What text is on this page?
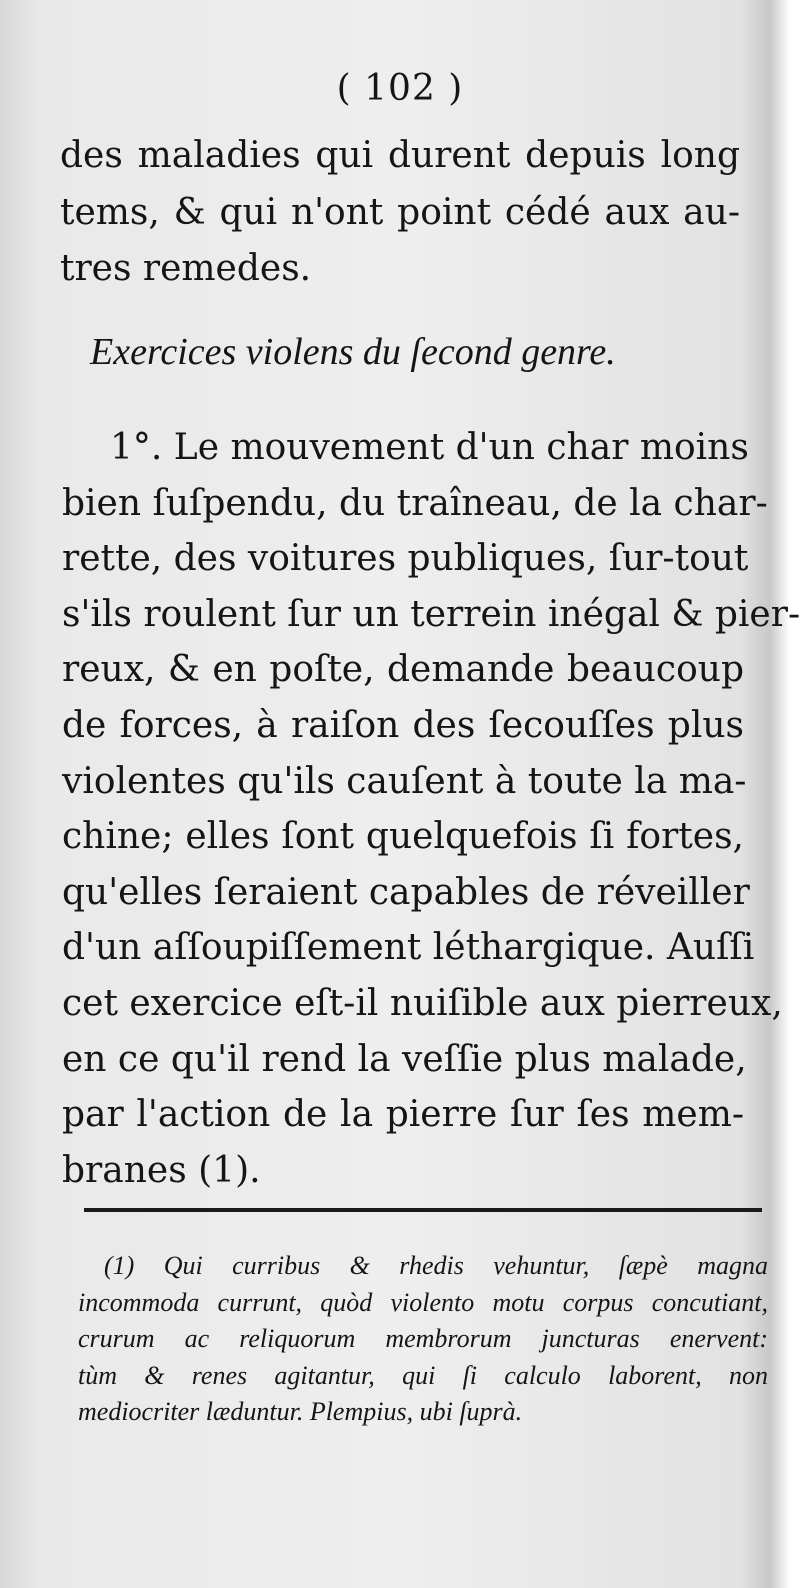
( 102 )
des maladies qui durent depuis long
tems, & qui n'ont point cédé aux au-
tres remedes.
Exercices violens du ſecond genre.
1°. Le mouvement d'un char moins
bien ſuſpendu, du traîneau, de la char-
rette, des voitures publiques, ſur-tout
s'ils roulent ſur un terrein inégal & pier-
reux, & en poſte, demande beaucoup
de forces, à raiſon des ſecouſſes plus
violentes qu'ils cauſent à toute la ma-
chine; elles ſont quelquefois ſi fortes,
qu'elles ſeraient capables de réveiller
d'un aſſoupiſſement léthargique. Auſſi
cet exercice eſt-il nuiſible aux pierreux,
en ce qu'il rend la veſſie plus malade,
par l'action de la pierre ſur ſes mem-
branes (1).
(1) Qui curribus & rhedis vehuntur, ſæpè magna
incommoda currunt, quòd violento motu corpus concutiant,
crurum ac reliquorum membrorum juncturas enervent:
tùm & renes agitantur, qui ſi calculo laborent, non
mediocriter læduntur. Plempius, ubi ſuprà.
